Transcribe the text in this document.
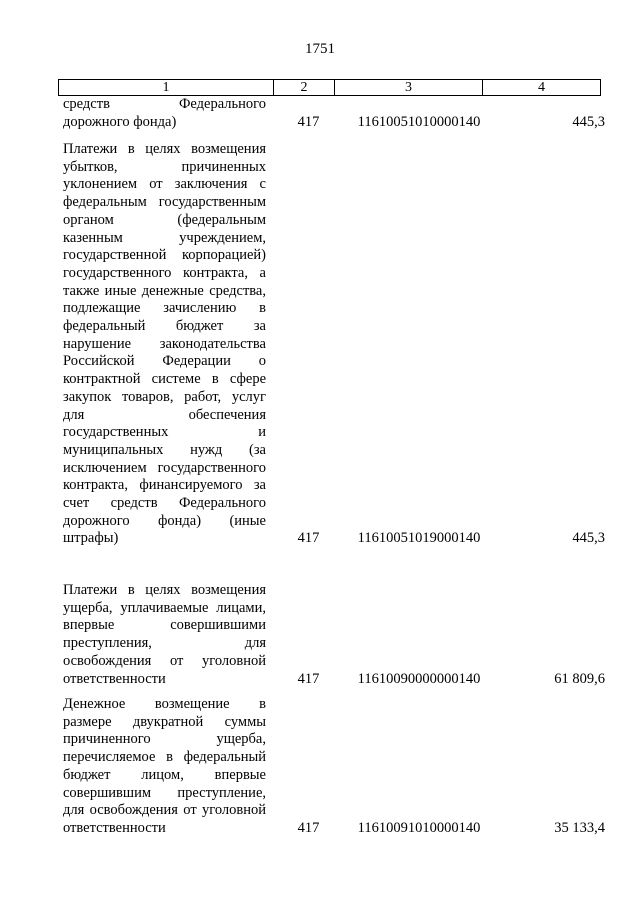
1751
1	2	3	4
средств Федерального дорожного фонда)	417	11610051010000140	445,3
Платежи в целях возмещения убытков, причиненных уклонением от заключения с федеральным государственным органом (федеральным казенным учреждением, государственной корпорацией) государственного контракта, а также иные денежные средства, подлежащие зачислению в федеральный бюджет за нарушение законодательства Российской Федерации о контрактной системе в сфере закупок товаров, работ, услуг для обеспечения государственных и муниципальных нужд (за исключением государственного контракта, финансируемого за счет средств Федерального дорожного фонда) (иные штрафы)	417	11610051019000140	445,3
Платежи в целях возмещения ущерба, уплачиваемые лицами, впервые совершившими преступления, для освобождения от уголовной ответственности	417	11610090000000140	61 809,6
Денежное возмещение в размере двукратной суммы причиненного ущерба, перечисляемое в федеральный бюджет лицом, впервые совершившим преступление, для освобождения от уголовной ответственности	417	11610091010000140	35 133,4
